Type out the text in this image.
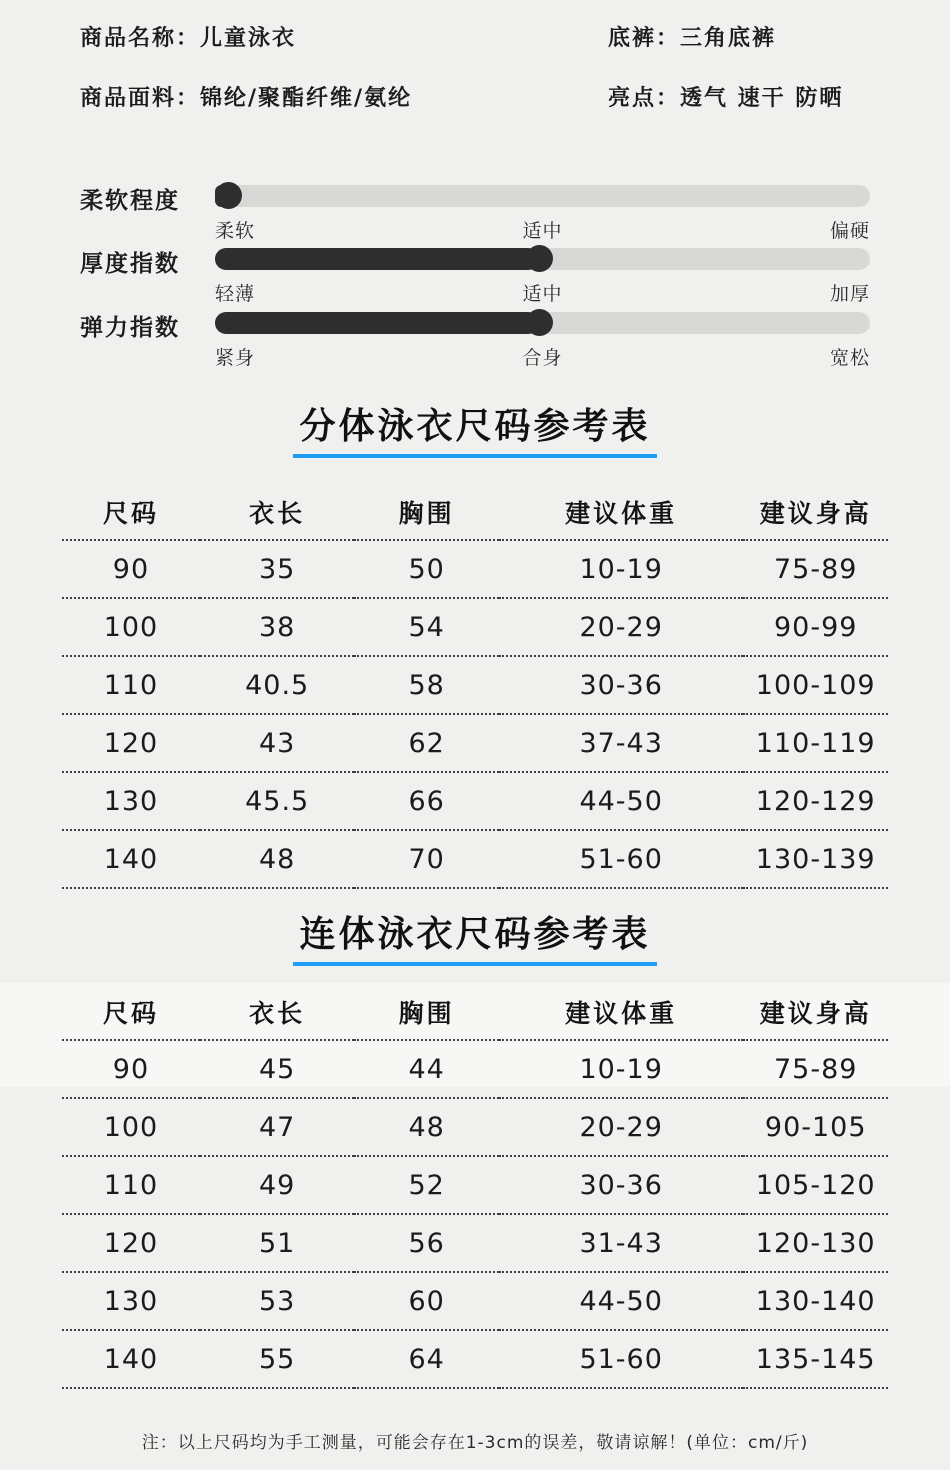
商品名称：儿童泳衣	底裤：三角底裤
商品面料：锦纶/聚酯纤维/氨纶	亮点：透气 速干 防晒
柔软程度
柔软	适中	偏硬
厚度指数
轻薄	适中	加厚
弹力指数
紧身	合身	宽松
分体泳衣尺码参考表
尺码	衣长	胸围	建议体重	建议身高
90	35	50	10-19	75-89
100	38	54	20-29	90-99
110	40.5	58	30-36	100-109
120	43	62	37-43	110-119
130	45.5	66	44-50	120-129
140	48	70	51-60	130-139
连体泳衣尺码参考表
尺码	衣长	胸围	建议体重	建议身高
90	45	44	10-19	75-89
100	47	48	20-29	90-105
110	49	52	30-36	105-120
120	51	56	31-43	120-130
130	53	60	44-50	130-140
140	55	64	51-60	135-145
注：以上尺码均为手工测量，可能会存在1-3cm的误差，敬请谅解！(单位：cm/斤)
